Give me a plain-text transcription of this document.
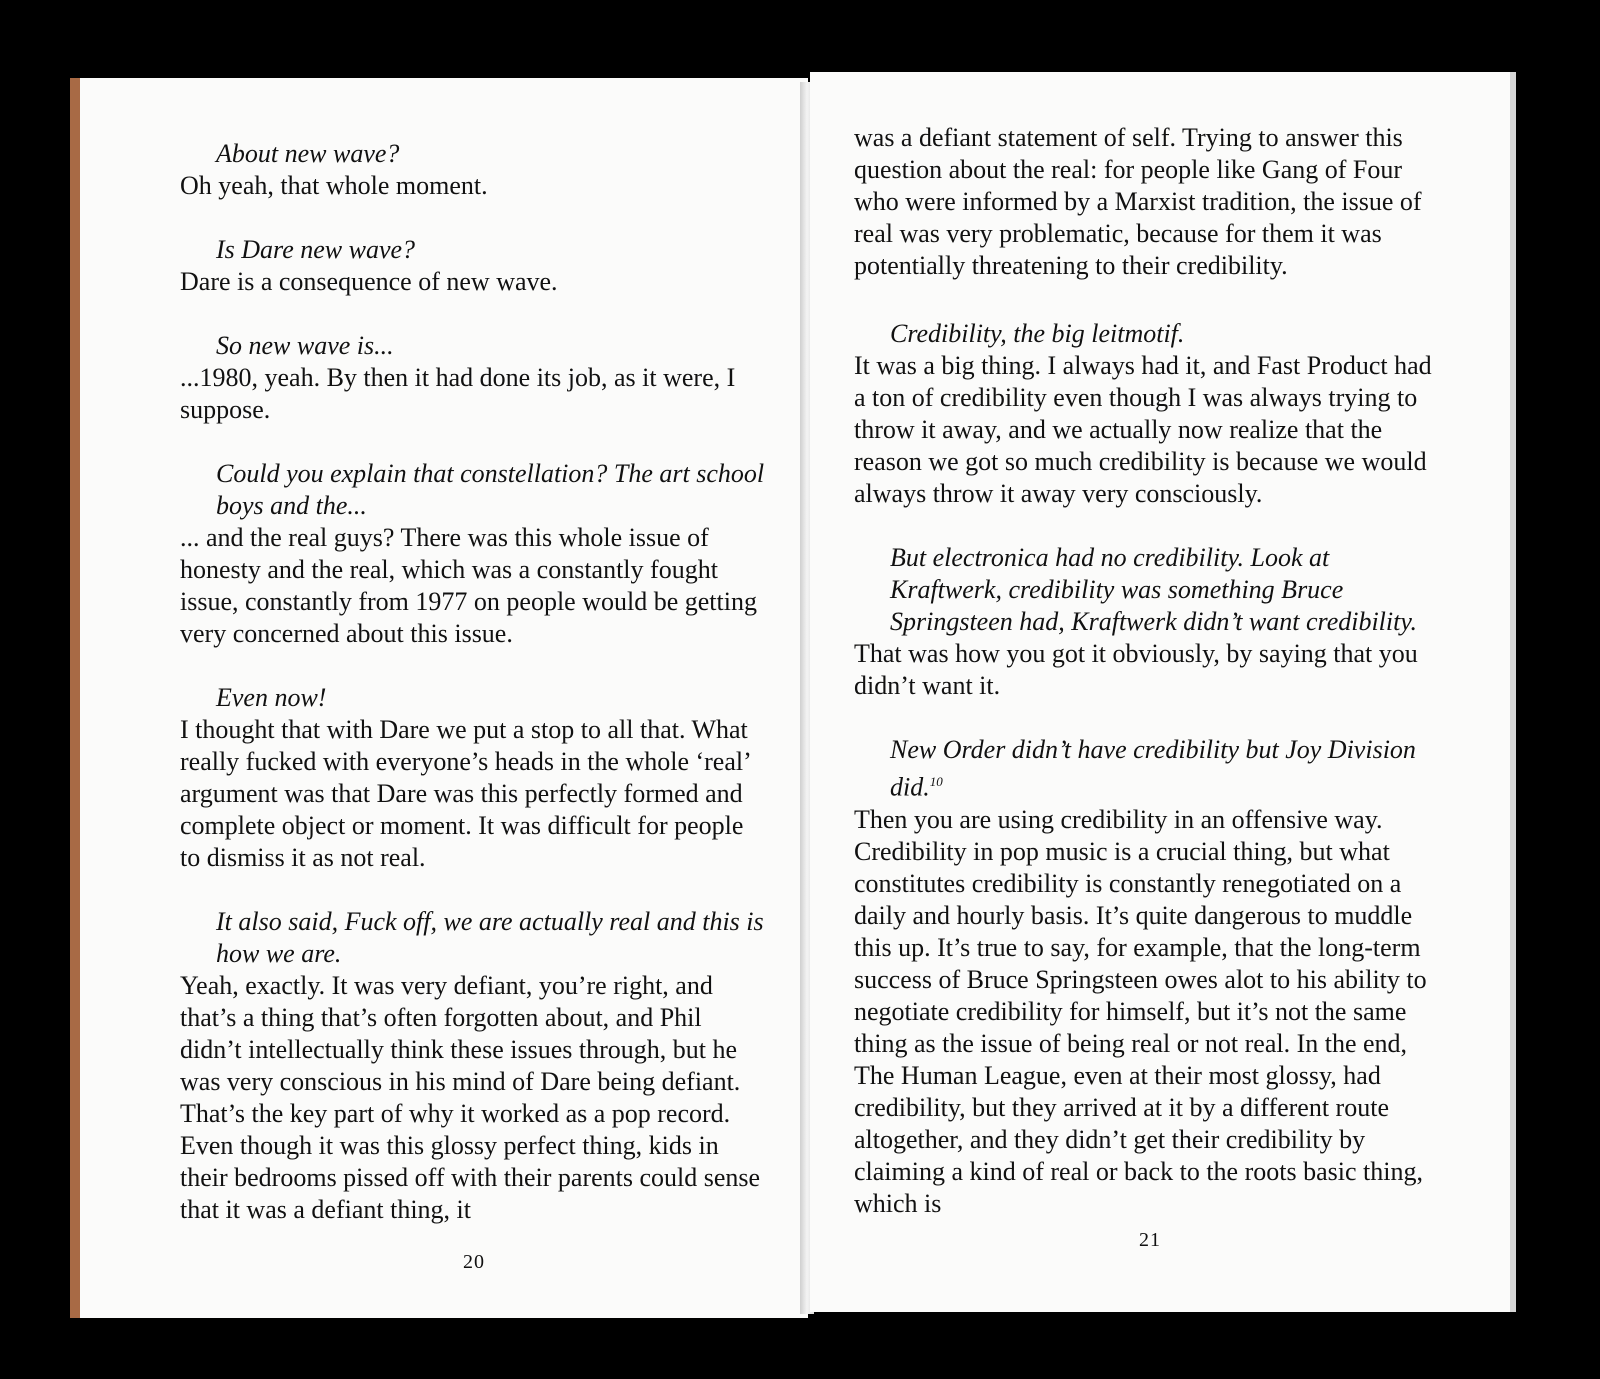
About new wave?

Oh yeah, that whole moment.

Is Dare new wave?

Dare is a consequence of new wave.

So new wave is...

...1980, yeah. By then it had done its job, as it were, I suppose.

Could you explain that constellation? The art school boys and the...

... and the real guys? There was this whole issue of honesty and the real, which was a constantly fought issue, constantly from 1977 on people would be getting very concerned about this issue.

Even now!

I thought that with Dare we put a stop to all that. What really fucked with everyone’s heads in the whole ‘real’ argument was that Dare was this perfectly formed and complete object or moment. It was difficult for people to dismiss it as not real.

It also said, Fuck off, we are actually real and this is how we are.

Yeah, exactly. It was very defiant, you’re right, and that’s a thing that’s often forgotten about, and Phil didn’t intellectually think these issues through, but he was very conscious in his mind of Dare being defiant. That’s the key part of why it worked as a pop record. Even though it was this glossy perfect thing, kids in their bedrooms pissed off with their parents could sense that it was a defiant thing, it

20

was a defiant statement of self. Trying to answer this question about the real: for people like Gang of Four who were informed by a Marxist tradition, the issue of real was very problematic, because for them it was potentially threatening to their credibility.

Credibility, the big leitmotif.

It was a big thing. I always had it, and Fast Product had a ton of credibility even though I was always trying to throw it away, and we actually now realize that the reason we got so much credibility is because we would always throw it away very consciously.

But electronica had no credibility. Look at Kraftwerk, credibility was something Bruce Springsteen had, Kraftwerk didn’t want credibility.

That was how you got it obviously, by saying that you didn’t want it.

New Order didn’t have credibility but Joy Division did.$^{10}$

Then you are using credibility in an offensive way. Credibility in pop music is a crucial thing, but what constitutes credibility is constantly renegotiated on a daily and hourly basis. It’s quite dangerous to muddle this up. It’s true to say, for example, that the long-term success of Bruce Springsteen owes alot to his ability to negotiate credibility for himself, but it’s not the same thing as the issue of being real or not real. In the end, The Human League, even at their most glossy, had credibility, but they arrived at it by a different route altogether, and they didn’t get their credibility by claiming a kind of real or back to the roots basic thing, which is

21
